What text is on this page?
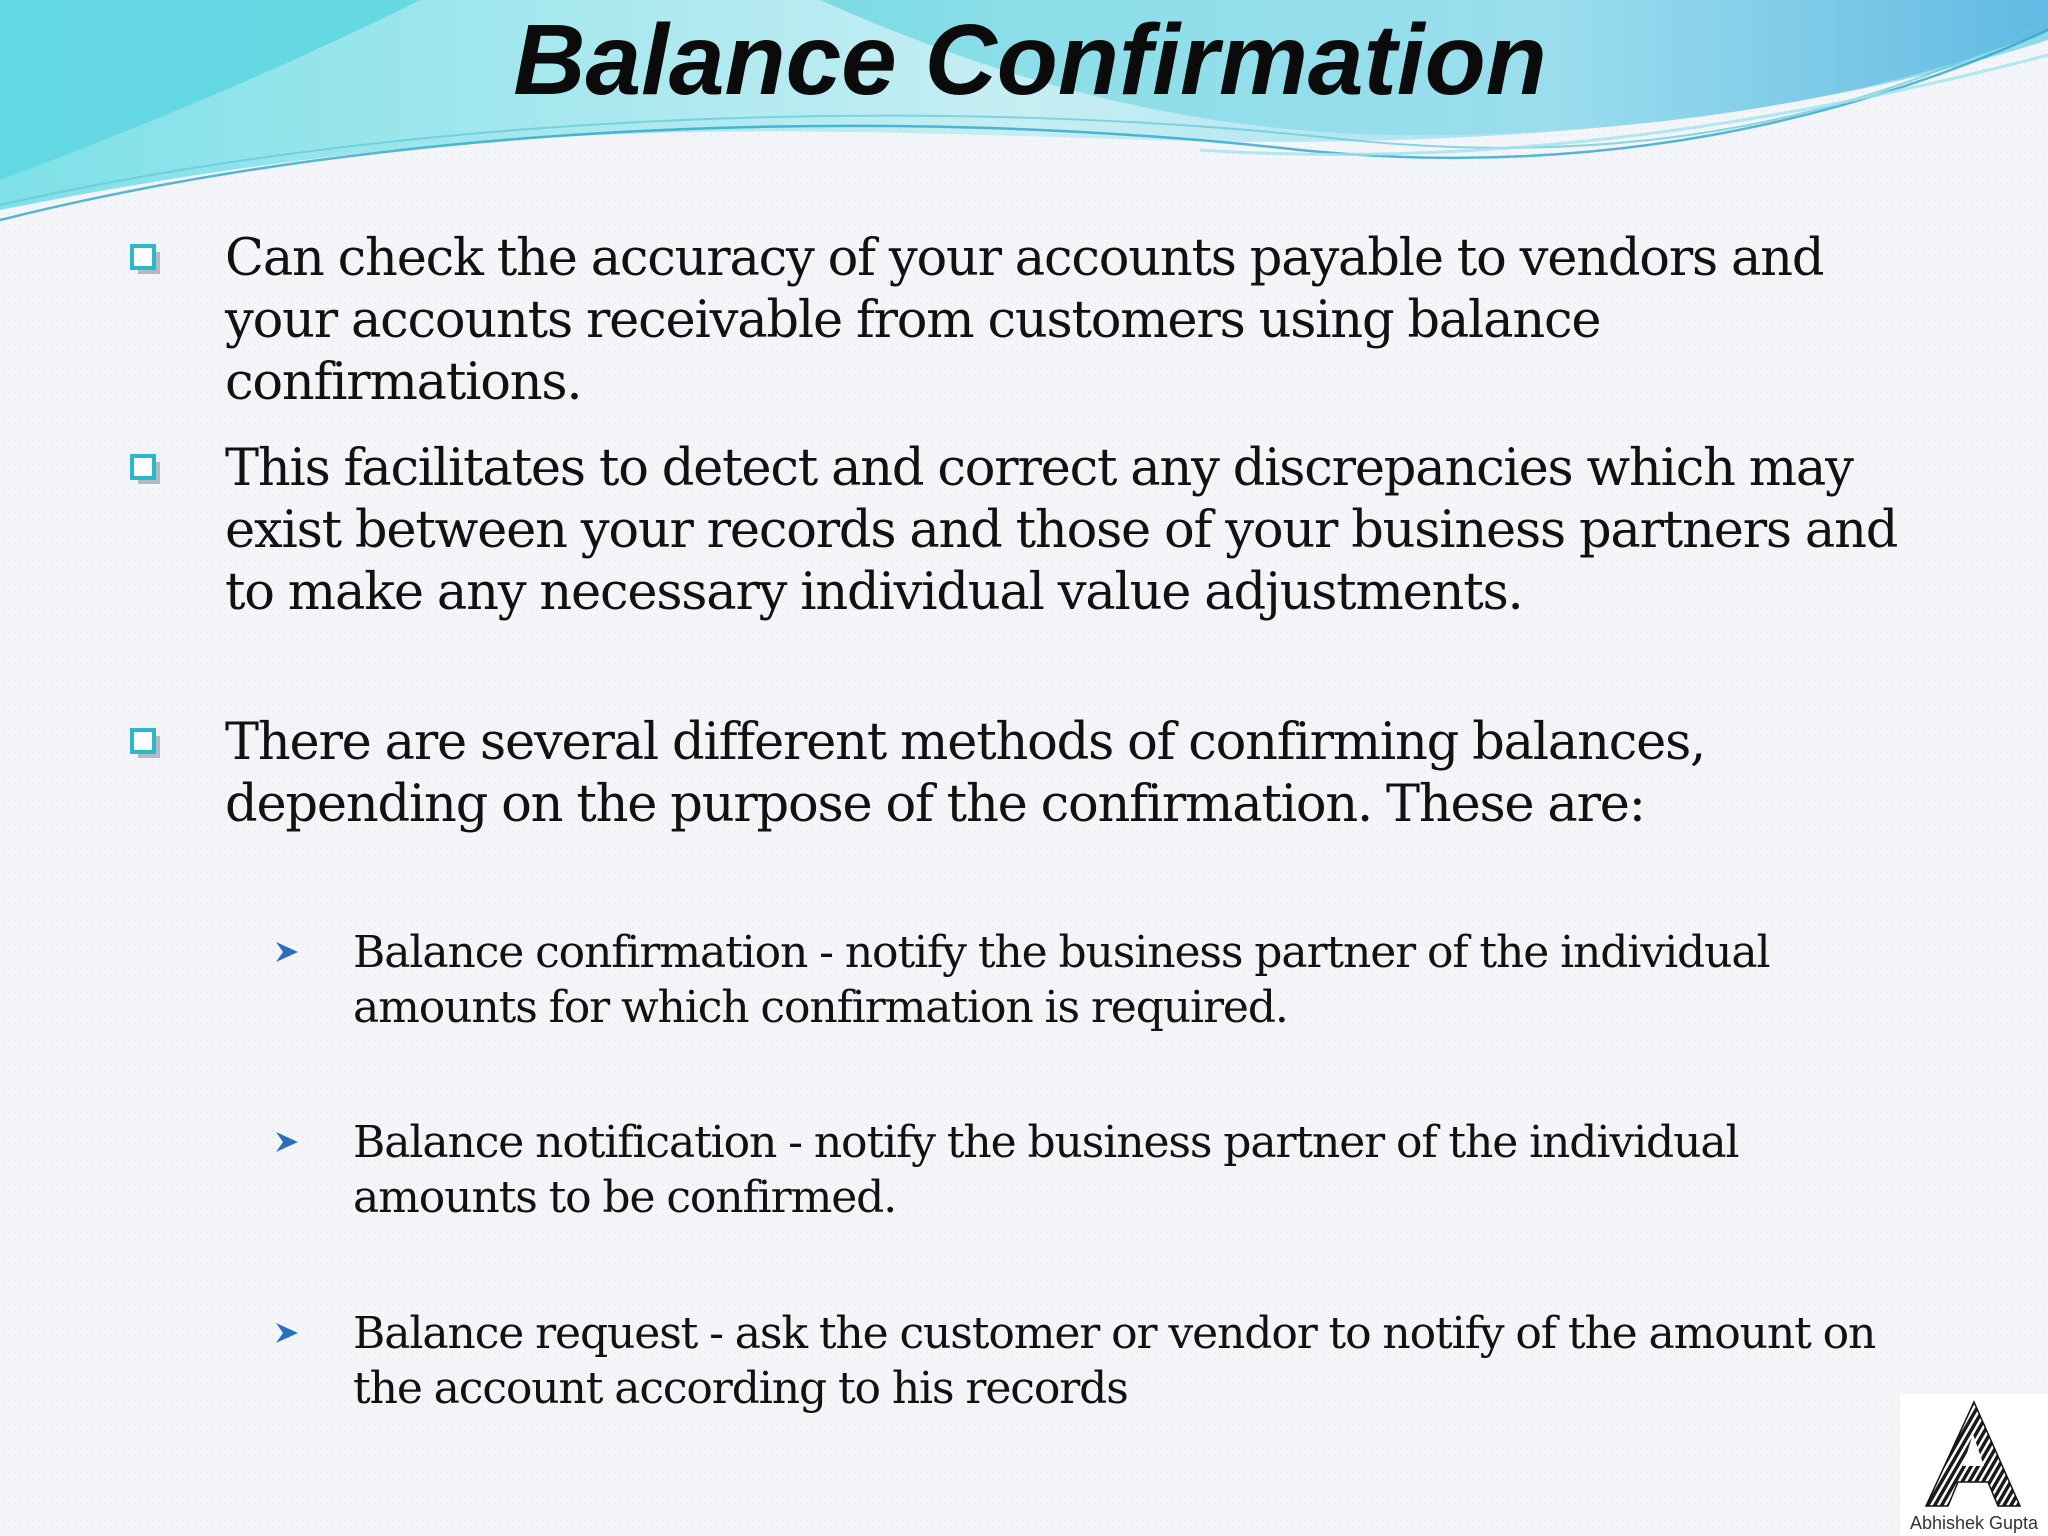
Balance Confirmation
Can check the accuracy of your accounts payable to vendors and your accounts receivable from customers using balance confirmations.
This facilitates to detect and correct any discrepancies which may exist between your records and those of your business partners and to make any necessary individual value adjustments.
There are several different methods of confirming balances, depending on the purpose of the confirmation. These are:
Balance confirmation - notify the business partner of the individual amounts for which confirmation is required.
Balance notification - notify the business partner of the individual amounts to be confirmed.
Balance request - ask the customer or vendor to notify of the amount on the account according to his records
Abhishek Gupta
